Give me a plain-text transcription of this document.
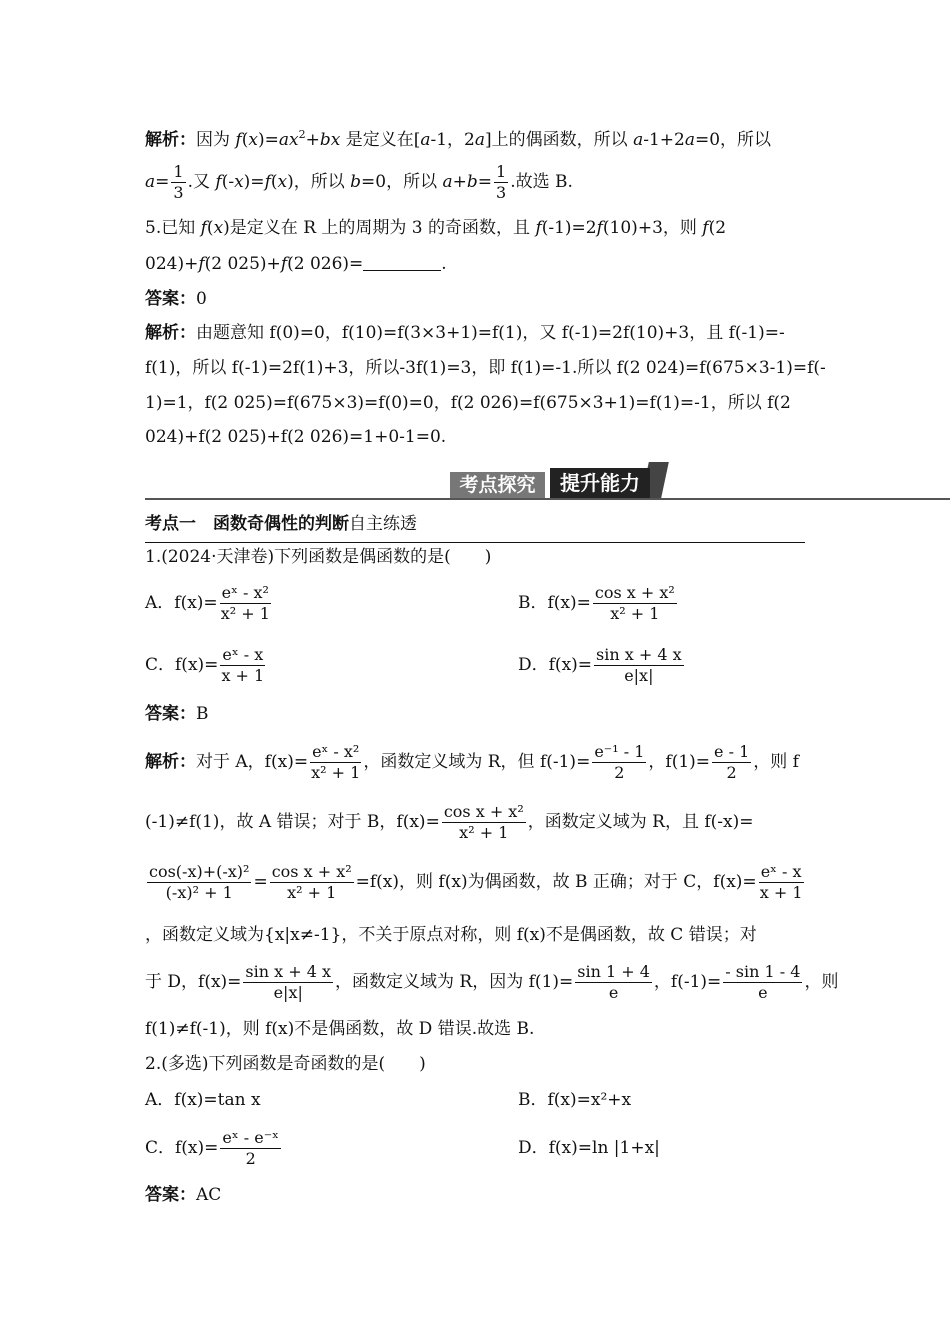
解析：因为 $f(x)=ax^2+bx$ 是定义在[a-1，2a]上的偶函数，所以 a-1+2a=0，所以
$a= \frac{1}{3}$ .又 f(-x)=f(x)，所以 b=0，所以 $a+b= \frac{1}{3}$ .故选 B.
5.已知 f(x)是定义在 R 上的周期为 3 的奇函数，且 f(-1)=2f(10)+3，则 f(2
024)+f(2 025)+f(2 026)=	.
答案：0
解析：由题意知 f(0)=0，f(10)=f(3×3+1)=f(1)，又 f(-1)=2f(10)+3，且 f(-1)=-
f(1)，所以 f(-1)=2f(1)+3，所以-3f(1)=3，即 f(1)=-1.所以 f(2 024)=f(675×3-1)=f(-
1)=1，f(2 025)=f(675×3)=f(0)=0，f(2 026)=f(675×3+1)=f(1)=-1，所以 f(2
024)+f(2 025)+f(2 026)=1+0-1=0.
考点探究	提升能力
考点一　函数奇偶性的判断自主练透
1.(2024·天津卷)下列函数是偶函数的是(　　)
A．$f(x)= \frac{\text{eˣ - x²}}{\text{x² + 1}}$	B．$f(x)= \frac{\text{cos x + x²}}{\text{x² + 1}}$
C．$f(x)= \frac{\text{eˣ - x}}{x + 1}$	D．$f(x)= \frac{\text{sin x + 4 x}}{e|x|}$
答案：B
解析：对于 A，$f(x)= \frac{\text{eˣ - x²}}{\text{x² + 1}}$ ，函数定义域为 R，但 $f(-1)= \frac{\text{e⁻¹ - 1}}{2}$ ，$f(1)= \frac{e - 1}{2}$ ，则 f
(-1)≠f(1)，故 A 错误；对于 B，$f(x)= \frac{\text{cos x + x²}}{\text{x² + 1}}$ ，函数定义域为 R，且 f(-x)=
$\frac{\text{cos(-x)+(-x)²}}{\text{(-x)² + 1}} = \frac{\text{cos x + x²}}{\text{x² + 1}} =f(x)$，则 f(x)为偶函数，故 B 正确；对于 C，$f(x)= \frac{\text{eˣ - x}}{x + 1}$
，函数定义域为{x|x≠-1}，不关于原点对称，则 f(x)不是偶函数，故 C 错误；对
于 D，$f(x)= \frac{\text{sin x + 4 x}}{e|x|}$ ，函数定义域为 R，因为 $f(1)= \frac{\sin 1 + 4}{e}$ ，$f(-1)= \frac{- \sin 1 - 4}{e}$ ，则
f(1)≠f(-1)，则 f(x)不是偶函数，故 D 错误.故选 B.
2.(多选)下列函数是奇函数的是(　　)
A．f(x)=tan x	B．f(x)=x²+x
C．$f(x)= \frac{\text{eˣ - e⁻ˣ}}{2}$	D．f(x)=ln |1+x|
答案：AC
